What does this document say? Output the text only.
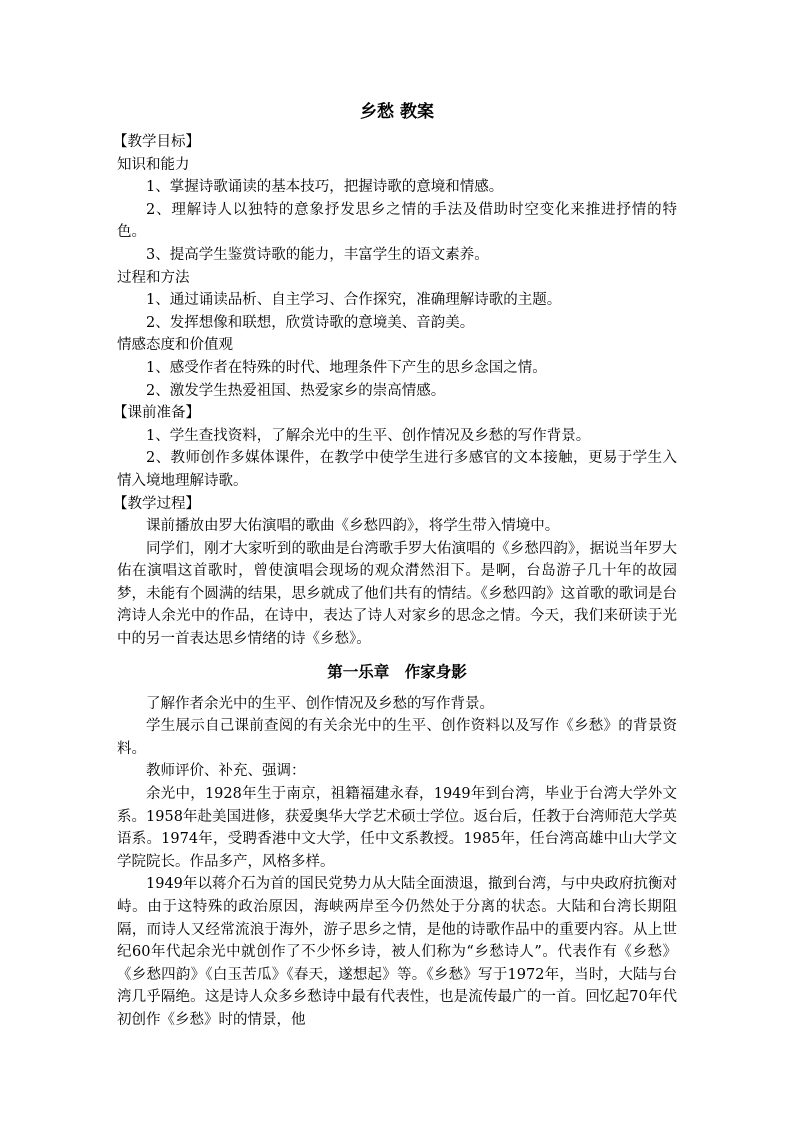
乡愁 教案

【教学目标】

知识和能力

1、掌握诗歌诵读的基本技巧，把握诗歌的意境和情感。

2、理解诗人以独特的意象抒发思乡之情的手法及借助时空变化来推进抒情的特色。

3、提高学生鉴赏诗歌的能力，丰富学生的语文素养。

过程和方法

1、通过诵读品析、自主学习、合作探究，准确理解诗歌的主题。

2、发挥想像和联想，欣赏诗歌的意境美、音韵美。

情感态度和价值观

1、感受作者在特殊的时代、地理条件下产生的思乡念国之情。

2、激发学生热爱祖国、热爱家乡的崇高情感。

【课前准备】

1、学生查找资料，了解余光中的生平、创作情况及乡愁的写作背景。

2、教师创作多媒体课件，在教学中使学生进行多感官的文本接触，更易于学生入情入境地理解诗歌。

【教学过程】

课前播放由罗大佑演唱的歌曲《乡愁四韵》，将学生带入情境中。

同学们，刚才大家听到的歌曲是台湾歌手罗大佑演唱的《乡愁四韵》，据说当年罗大佑在演唱这首歌时，曾使演唱会现场的观众潸然泪下。是啊，台岛游子几十年的故园梦，未能有个圆满的结果，思乡就成了他们共有的情结。《乡愁四韵》这首歌的歌词是台湾诗人余光中的作品，在诗中，表达了诗人对家乡的思念之情。今天，我们来研读于光中的另一首表达思乡情绪的诗《乡愁》。

第一乐章　作家身影

了解作者余光中的生平、创作情况及乡愁的写作背景。

学生展示自己课前查阅的有关余光中的生平、创作资料以及写作《乡愁》的背景资料。

教师评价、补充、强调：

余光中，1928年生于南京，祖籍福建永春，1949年到台湾，毕业于台湾大学外文系。1958年赴美国进修，获爱奥华大学艺术硕士学位。返台后，任教于台湾师范大学英语系。1974年，受聘香港中文大学，任中文系教授。1985年，任台湾高雄中山大学文学院院长。作品多产，风格多样。

1949年以蒋介石为首的国民党势力从大陆全面溃退，撤到台湾，与中央政府抗衡对峙。由于这特殊的政治原因，海峡两岸至今仍然处于分离的状态。大陆和台湾长期阻隔，而诗人又经常流浪于海外，游子思乡之情，是他的诗歌作品中的重要内容。从上世纪60年代起余光中就创作了不少怀乡诗，被人们称为“乡愁诗人”。代表作有《乡愁》《乡愁四韵》《白玉苦瓜》《春天，遂想起》等。《乡愁》写于1972年，当时，大陆与台湾几乎隔绝。这是诗人众多乡愁诗中最有代表性，也是流传最广的一首。回忆起70年代初创作《乡愁》时的情景，他
